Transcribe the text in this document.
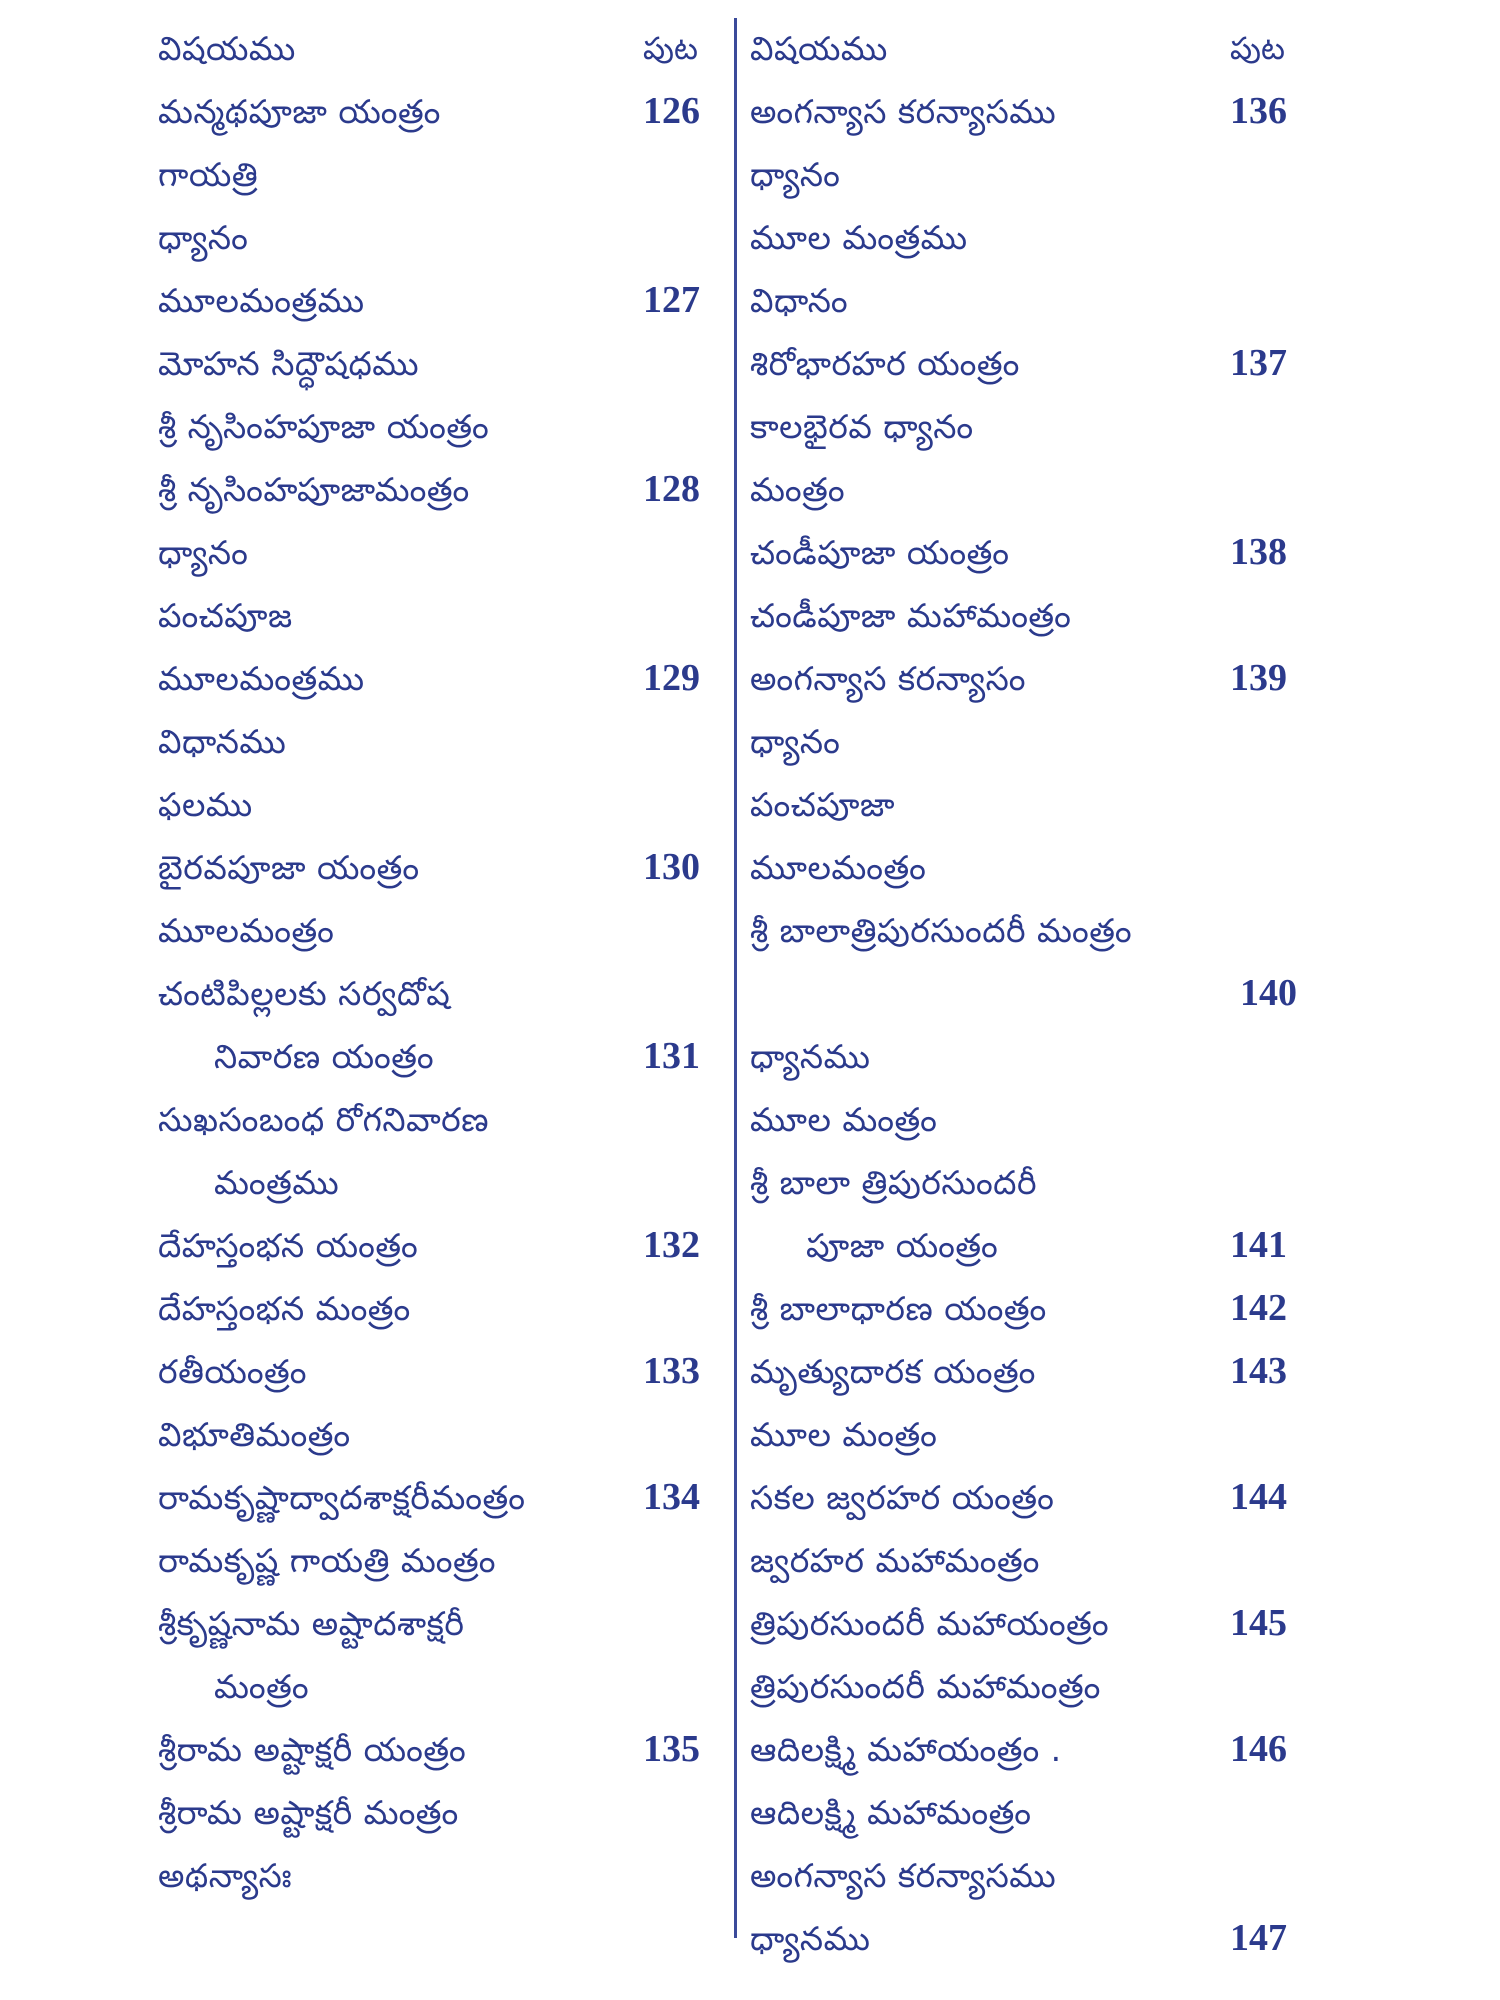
విషయము	పుట
మన్మథపూజా యంత్రం	126
గాయత్రి
ధ్యానం
మూలమంత్రము	127
మోహన సిద్ధౌషధము
శ్రీ నృసింహపూజా యంత్రం
శ్రీ నృసింహపూజామంత్రం	128
ధ్యానం
పంచపూజ
మూలమంత్రము	129
విధానము
ఫలము
బైరవపూజా యంత్రం	130
మూలమంత్రం
చంటిపిల్లలకు సర్వదోష
నివారణ యంత్రం	131
సుఖసంబంధ రోగనివారణ
మంత్రము
దేహస్తంభన యంత్రం	132
దేహస్తంభన మంత్రం
రతీయంత్రం	133
విభూతిమంత్రం
రామకృష్ణాద్వాదశాక్షరీమంత్రం	134
రామకృష్ణ గాయత్రి మంత్రం
శ్రీకృష్ణనామ అష్టాదశాక్షరీ
మంత్రం
శ్రీరామ అష్టాక్షరీ యంత్రం	135
శ్రీరామ అష్టాక్షరీ మంత్రం
అథన్యాసః
విషయము	పుట
అంగన్యాస కరన్యాసము	136
ధ్యానం
మూల మంత్రము
విధానం
శిరోభారహర యంత్రం	137
కాలభైరవ ధ్యానం
మంత్రం
చండీపూజా యంత్రం	138
చండీపూజా మహామంత్రం
అంగన్యాస కరన్యాసం	139
ధ్యానం
పంచపూజా
మూలమంత్రం
శ్రీ బాలాత్రిపురసుందరీ మంత్రం
140
ధ్యానము
మూల మంత్రం
శ్రీ బాలా త్రిపురసుందరీ
పూజా యంత్రం	141
శ్రీ బాలాధారణ యంత్రం	142
మృత్యుదారక యంత్రం	143
మూల మంత్రం
సకల జ్వరహర యంత్రం	144
జ్వరహర మహామంత్రం
త్రిపురసుందరీ మహాయంత్రం	145
త్రిపురసుందరీ మహామంత్రం
ఆదిలక్ష్మి మహాయంత్రం .	146
ఆదిలక్ష్మి మహామంత్రం
అంగన్యాస కరన్యాసము
ధ్యానము	147
